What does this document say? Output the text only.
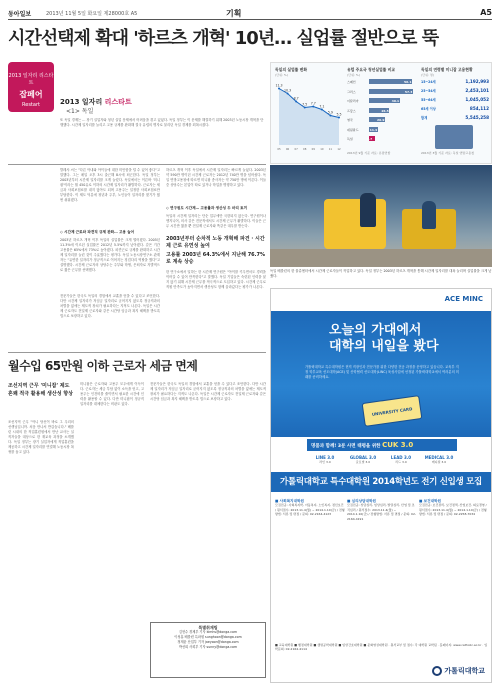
동아일보	2013년 11월 5일 화요일 제28000호 A5	기획	A5
시간선택제 확대 '하르츠 개혁' 10년… 실업률 절반으로 뚝
2013 일자리 리스타트
잡페어
Restart	2013 일자리 리스타트
<1> 독일
또 독일 경제는 ... 장기 실업자와 청년 실업 문제에서 어려움을 겪고 있었다. 독일 정부는 이 문제를 해결하기 위해 2003년 노동시장 개혁을 단행했다. 시간제 일자리를 늘리고 고용 규제를 완화해 결국 유럽의 병자로 불리던 독일 경제를 회복시켰다.
독일의 실업률 변화
(단위: %)
11.3
05
10.3
06
8.7
07
7.5
08
7.7
09
7.1
10
5.9
11
5.5
12
유럽 주요국 청년실업률 비교
(단위: %)
스페인	56.1
그리스	57.3
이탈리아	40.1
프랑스	26.5
영국	20.9
네덜란드	11.4
독일	7.7
2013년 9월 기준 자료: 유럽연합
독일의 연령별 미니잡 고용현황
(단위: 명)
15~24세	1,192,993
25~54세	2,453,101
55~64세	1,045,052
65세 이상	854,112
합계	5,545,258
2013년 3월 기준 자료: 독일 연방고용청
독일 베를린의 한 물류센터에서 시간제 근로자들이 작업하고 있다. 독일 정부는 2003년 하르츠 개혁을 통해 시간제 일자리를 대폭 늘리며 실업률을 크게 낮췄다.
발레샤 씨는 "다른 아내와 아이들에 대한 미안함을 덜 수 있어 좋다"고 말했다. 그는 매일 오후 3시 출근해 8시에 퇴근한다. 독일 정부는 2003년부터 시간제 일자리를 크게 늘렸다. 독일에서는 이른바 '미니잡'이라는 월 450유로 이하의 시간제 일자리가 활발하다. 근로자는 세금과 사회보험료를 내지 않아도 되며 고용주는 일정한 사회보험료만 부담한다. 이 제도 덕분에 청년과 주부, 노인들이 일자리를 찾기가 훨씬 쉬워졌다.
◇ 시간제 근로와 파견직 규제 완화… 고용 늘어
2003년 하르츠 개혁 이후 독일의 실업률은 크게 떨어졌다. 2005년 11.3%에 이르던 실업률은 2012년 5.5%까지 낮아졌다. 같은 기간 고용률은 65%에서 73%로 높아졌다. 파견근로 규제를 완화하고 시간제 일자리를 늘린 것이 주효했다는 평가다. 독일 노동시장연구소 관계자는 "유연한 일자리가 정규직으로 이어지는 징검다리 역할을 했다"고 설명했다. 시간제 근로자의 상당수는 주부와 학생, 은퇴자로 자발적으로 짧은 근무를 선택했다.
전문가들은 한국도 독일의 경험에서 교훈을 얻을 수 있다고 조언한다. 다만 시간제 일자리가 저임금 일자리로 굳어지지 않도록 정규직과의 차별을 없애는 제도적 장치가 필요하다는 지적도 나온다. 독일은 시간제 근로자도 전일제 근로자와 같은 시간당 임금과 복지 혜택을 받도록 법으로 보장하고 있다.
하르츠 개혁 이후 독일에서 시간제 일자리는 빠르게 늘었다. 2003년 약 590만 명이던 시간제 근로자는 2012년 740만 명을 넘어섰다. 독일 연방고용청에 따르면 미니잡 종사자는 약 750만 명에 이른다. 이들 중 상당수는 본업이 따로 있거나 학업을 병행하고 있다.
◇ 연구원도 시간제… 고용률과 생산성 두 마리 토끼
독일의 시간제 일자리는 단순 업무에만 국한되지 않는다. 연구원이나 엔지니어, 의사 같은 전문직에서도 시간제 근무가 활발하다. 이들은 근무 시간만 짧을 뿐 전일제 근로자와 똑같은 대우를 받는다.
2003년부터 순차적 노동 개혁해 파견 · 시간제 근로 유연성 높여
고용률 2003년 64.3%에서 지난해 76.7%로 계속 상승
한 연구소에서 일하는 한 시간제 연구원은 "아이를 키우면서도 경력을 이어갈 수 있어 만족한다"고 말했다. 독일 기업들은 숙련된 인력을 잃지 않기 위해 시간제 근무를 적극적으로 도입하고 있다. 시간제 근무로 직원 만족도가 높아지면서 생산성도 함께 올라갔다는 평가가 나온다.
월수입 65만원 이하 근로자 세금 면제
조선지역 근무 '미니잡' 제도 흔쾌 적극 활용해 생산성 향상
조선지역 근무 "아니 당신이 바로 그 우리의 선생님입니까. 처음 만나서 반갑습니다." 베를린 시내의 한 직업훈련원에서 만난 교사는 실직자들을 대상으로 한 재교육 과정을 소개했다. 독일 정부는 장기 실업자에게 직업훈련을 제공하고 시간제 일자리를 연결해 노동시장 복귀를 돕고 있다.
미니잡은 근로자와 고용주 모두에게 이득이다. 근로자는 세금 부담 없이 소득을 얻고, 고용주는 인건비를 줄이면서 필요한 시간에 인력을 활용할 수 있다. 다만 미니잡이 정규직 일자리를 대체한다는 비판도 있다.
전문가들은 한국도 독일의 경험에서 교훈을 얻을 수 있다고 조언한다. 다만 시간제 일자리가 저임금 일자리로 굳어지지 않도록 정규직과의 차별을 없애는 제도적 장치가 필요하다는 지적도 나온다. 독일은 시간제 근로자도 전일제 근로자와 같은 시간당 임금과 복지 혜택을 받도록 법으로 보장하고 있다.
특별취재팀
김현수 경제부 기자 kimhs@donga.com
이성훈 베를린 특파원 sunghoon@donga.com
정재윤 산업부 기자 jaeyoon@donga.com
박선희 사회부 기자 sunny@donga.com
ACE MINC
오늘의 가대에서
대학의 내일을 봤다
가톨릭대학교 특수대학원은 현직 직장인과 전문가를 위한 다양한 전공 과정을 운영하고 있습니다. 교육부 지정 학부교육 선도대학(ACE) 및 산학협력 선도대학(LINC) 육성사업에 선정된 가톨릭대학교에서 여러분의 미래를 준비하세요.
UNIVERSITY CARD
명품과 함께! 3분 사면 태평을 위한 CUK 3.0
LINE 3.0
라인 3.0
GLOBAL 3.0
글로벌 3.0
LEAD 3.0
리드 3.0
MEDICAL 3.0
메디컬 3.0
가톨릭대학교 특수대학원 2014학년도 전기 신입생 모집
■ 사회복지대학원
모집전공: 사회복지학, 아동복지, 노인복지, 정신보건 / 원서접수: 2013.11.4(월) ~ 2014.1.10(금) / 전형방법: 서류 및 면접 / 문의: 02-2164-4123
■ 심리상담대학원
모집전공: 상담심리, 임상심리, 발달심리, 산업 및 조직심리 / 원서접수: 2013.11.4(월) ~ 2014.1.10(금) / 전형방법: 서류 및 면접 / 문의: 02-2164-4191
■ 보건대학원
모집전공: 보건관리, 보건정책, 산업보건, 의료경영 / 원서접수: 2013.11.4(월) ~ 2014.1.10(금) / 전형방법: 서류 및 면접 / 문의: 02-2258-7034
■ 교육대학원 ■ 행정대학원 ■ 생명공학대학원 ■ 임상간호대학원 ■ 문화영성대학원 · 원서교부 및 접수: 각 대학원 교학팀 · 홈페이지: www.catholic.ac.kr · 입학문의: 02-2164-4114
가톨릭대학교
